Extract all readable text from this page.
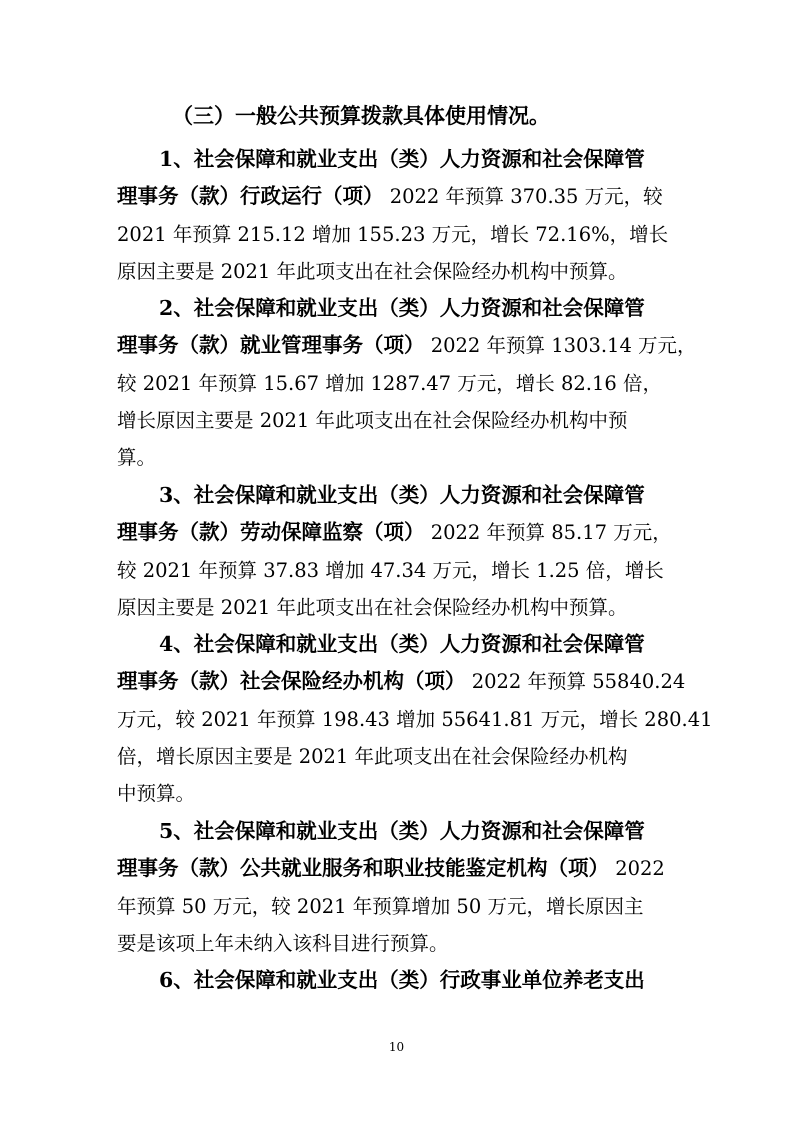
（三）一般公共预算拨款具体使用情况。
1、社会保障和就业支出（类）人力资源和社会保障管
理事务（款）行政运行（项） 2022 年预算 370.35 万元，较
2021 年预算 215.12 增加 155.23 万元，增长 72.16%，增长
原因主要是 2021 年此项支出在社会保险经办机构中预算。
2、社会保障和就业支出（类）人力资源和社会保障管
理事务（款）就业管理事务（项） 2022 年预算 1303.14 万元，
较 2021 年预算 15.67 增加 1287.47 万元，增长 82.16 倍，
增长原因主要是 2021 年此项支出在社会保险经办机构中预
算。
3、社会保障和就业支出（类）人力资源和社会保障管
理事务（款）劳动保障监察（项） 2022 年预算 85.17 万元，
较 2021 年预算 37.83 增加 47.34 万元，增长 1.25 倍，增长
原因主要是 2021 年此项支出在社会保险经办机构中预算。
4、社会保障和就业支出（类）人力资源和社会保障管
理事务（款）社会保险经办机构（项） 2022 年预算 55840.24
万元，较 2021 年预算 198.43 增加 55641.81 万元，增长 280.41
倍，增长原因主要是 2021 年此项支出在社会保险经办机构
中预算。
5、社会保障和就业支出（类）人力资源和社会保障管
理事务（款）公共就业服务和职业技能鉴定机构（项） 2022
年预算 50 万元，较 2021 年预算增加 50 万元，增长原因主
要是该项上年未纳入该科目进行预算。
6、社会保障和就业支出（类）行政事业单位养老支出
10
